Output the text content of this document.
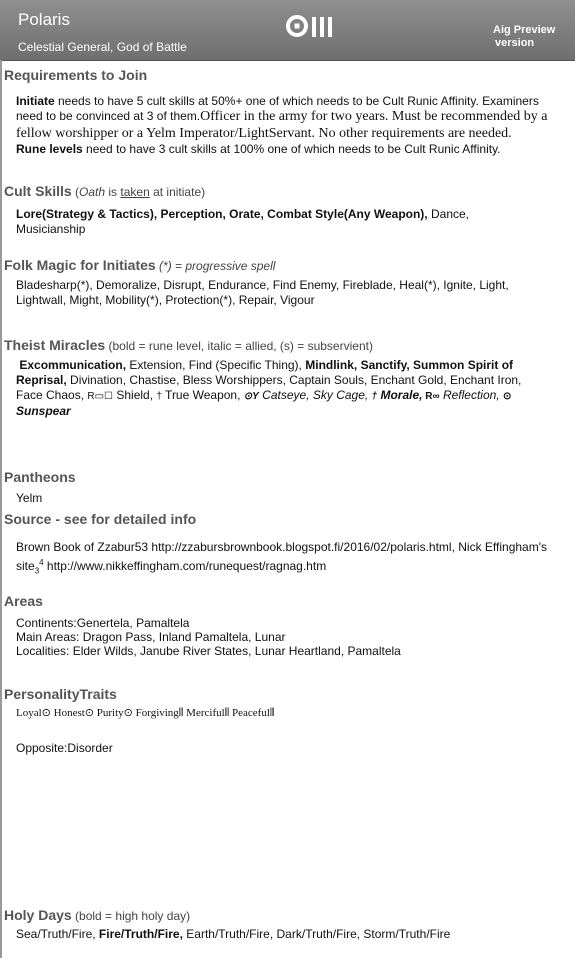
Polaris
Celestial General, God of Battle
Aig Preview
version
Requirements to Join
Initiate needs to have 5 cult skills at 50%+ one of which needs to be Cult Runic Affinity. Examiners need to be convinced at 3 of them.Officer in the army for two years. Must be recommended by a fellow worshipper or a Yelm Imperator/LightServant. No other requirements are needed.
Rune levels need to have 3 cult skills at 100% one of which needs to be Cult Runic Affinity.
Cult Skills (Oath is taken at initiate)
Lore(Strategy & Tactics), Perception, Orate, Combat Style(Any Weapon), Dance, Musicianship
Folk Magic for Initiates (*) = progressive spell
Bladesharp(*), Demoralize, Disrupt, Endurance, Find Enemy, Fireblade, Heal(*), Ignite, Light, Lightwall, Might, Mobility(*), Protection(*), Repair, Vigour
Theist Miracles (bold = rune level, italic = allied, (s) = subservient)
Excommunication, Extension, Find (Specific Thing), Mindlink, Sanctify, Summon Spirit of Reprisal, Divination, Chastise, Bless Worshippers, Captain Souls, Enchant Gold, Enchant Iron, Face Chaos, R▭☐ Shield, † True Weapon, ⊙Y Catseye, Sky Cage, † Morale, R∞ Reflection, ⊙
Sunspear
Pantheons
Yelm
Source - see for detailed info
Brown Book of Zzabur53 http://zzabursbrownbook.blogspot.fi/2016/02/polaris.html, Nick Effingham's site$_3^4$ http://www.nikkeffingham.com/runequest/ragnag.htm
Areas
Continents:Genertela, Pamaltela
Main Areas: Dragon Pass, Inland Pamaltela, Lunar
Localities: Elder Wilds, Janube River States, Lunar Heartland, Pamaltela
PersonalityTraits
Loyal⊙ Honest⊙ Purity⊙ Forgiving⫴ Merciful⫴ Peaceful⫴
Opposite:Disorder
Holy Days (bold = high holy day)
Sea/Truth/Fire, Fire/Truth/Fire, Earth/Truth/Fire, Dark/Truth/Fire, Storm/Truth/Fire
